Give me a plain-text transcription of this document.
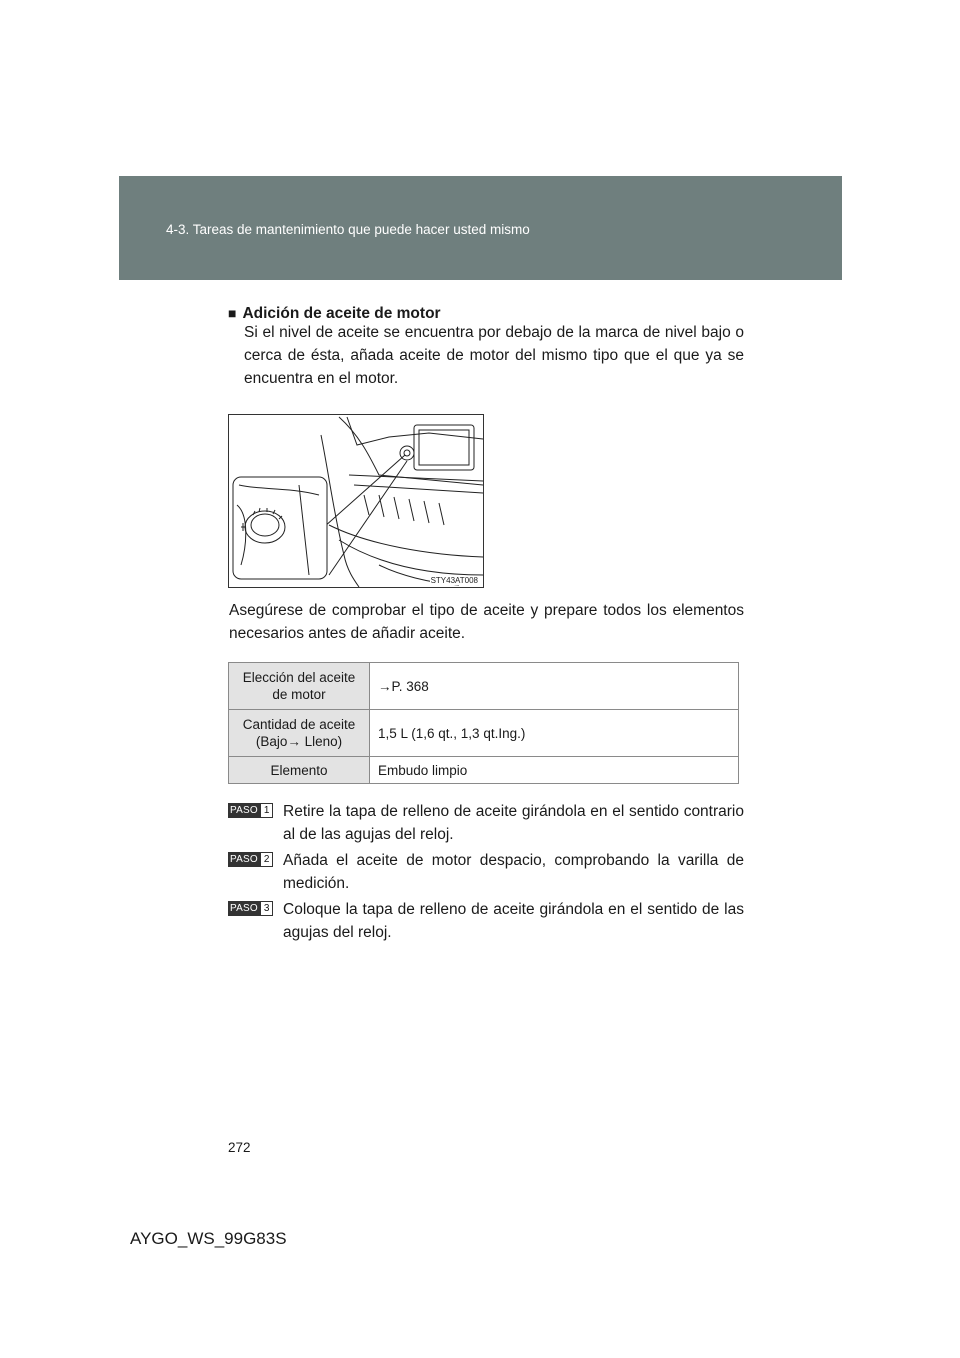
4-3. Tareas de mantenimiento que puede hacer usted mismo
■ Adición de aceite de motor
Si el nivel de aceite se encuentra por debajo de la marca de nivel bajo o cerca de ésta, añada aceite de motor del mismo tipo que el que ya se encuentra en el motor.
STY43AT008
Asegúrese de comprobar el tipo de aceite y prepare todos los elementos necesarios antes de añadir aceite.
Elección del aceite de motor	→P. 368
Cantidad de aceite (Bajo→ Lleno)	1,5 L (1,6 qt., 1,3 qt.Ing.)
Elemento	Embudo limpio
PASO 1 Retire la tapa de relleno de aceite girándola en el sentido contrario al de las agujas del reloj.
PASO 2 Añada el aceite de motor despacio, comprobando la varilla de medición.
PASO 3 Coloque la tapa de relleno de aceite girándola en el sentido de las agujas del reloj.
272
AYGO_WS_99G83S
